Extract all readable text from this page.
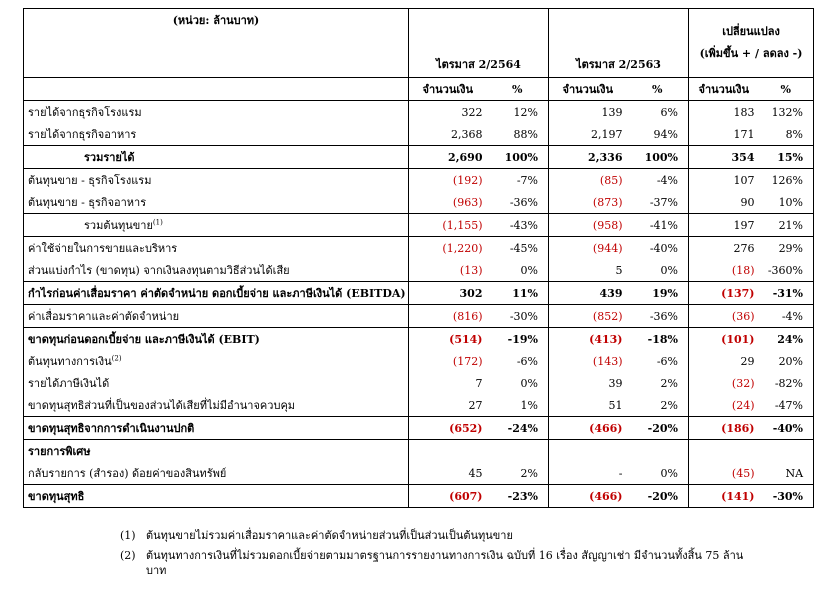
(หน่วย: ล้านบาท)	ไตรมาส 2/2564		ไตรมาส 2/2563		เปลี่ยนแปลง
(เพิ่มขึ้น + / ลดลง -)	

	จำนวนเงิน	%	จำนวนเงิน	%	จำนวนเงิน	%
รายได้จากธุรกิจโรงแรม	322	12%	139	6%	183	132%
รายได้จากธุรกิจอาหาร	2,368	88%	2,197	94%	171	8%
รวมรายได้	2,690	100%	2,336	100%	354	15%
ต้นทุนขาย - ธุรกิจโรงแรม	(192)	-7%	(85)	-4%	107	126%
ต้นทุนขาย - ธุรกิจอาหาร	(963)	-36%	(873)	-37%	90	10%
รวมต้นทุนขาย$^{(1)}$	(1,155)	-43%	(958)	-41%	197	21%
ค่าใช้จ่ายในการขายและบริหาร	(1,220)	-45%	(944)	-40%	276	29%
ส่วนแบ่งกำไร (ขาดทุน) จากเงินลงทุนตามวิธีส่วนได้เสีย	(13)	0%	5	0%	(18)	-360%
กำไรก่อนค่าเสื่อมราคา ค่าตัดจำหน่าย ดอกเบี้ยจ่าย และภาษีเงินได้ (EBITDA)	302	11%	439	19%	(137)	-31%
ค่าเสื่อมราคาและค่าตัดจำหน่าย	(816)	-30%	(852)	-36%	(36)	-4%
ขาดทุนก่อนดอกเบี้ยจ่าย และภาษีเงินได้ (EBIT)	(514)	-19%	(413)	-18%	(101)	24%
ต้นทุนทางการเงิน$^{(2)}$	(172)	-6%	(143)	-6%	29	20%
รายได้ภาษีเงินได้	7	0%	39	2%	(32)	-82%
ขาดทุนสุทธิส่วนที่เป็นของส่วนได้เสียที่ไม่มีอำนาจควบคุม	27	1%	51	2%	(24)	-47%
ขาดทุนสุทธิจากการดำเนินงานปกติ	(652)	-24%	(466)	-20%	(186)	-40%
รายการพิเศษ						
กลับรายการ (สำรอง) ด้อยค่าของสินทรัพย์	45	2%	-	0%	(45)	NA
ขาดทุนสุทธิ	(607)	-23%	(466)	-20%	(141)	-30%
(1) ต้นทุนขายไม่รวมค่าเสื่อมราคาและค่าตัดจำหน่ายส่วนที่เป็นส่วนเป็นต้นทุนขาย
(2) ต้นทุนทางการเงินที่ไม่รวมดอกเบี้ยจ่ายตามมาตรฐานการรายงานทางการเงิน ฉบับที่ 16 เรื่อง สัญญาเช่า มีจำนวนทั้งสิ้น 75 ล้านบาท
